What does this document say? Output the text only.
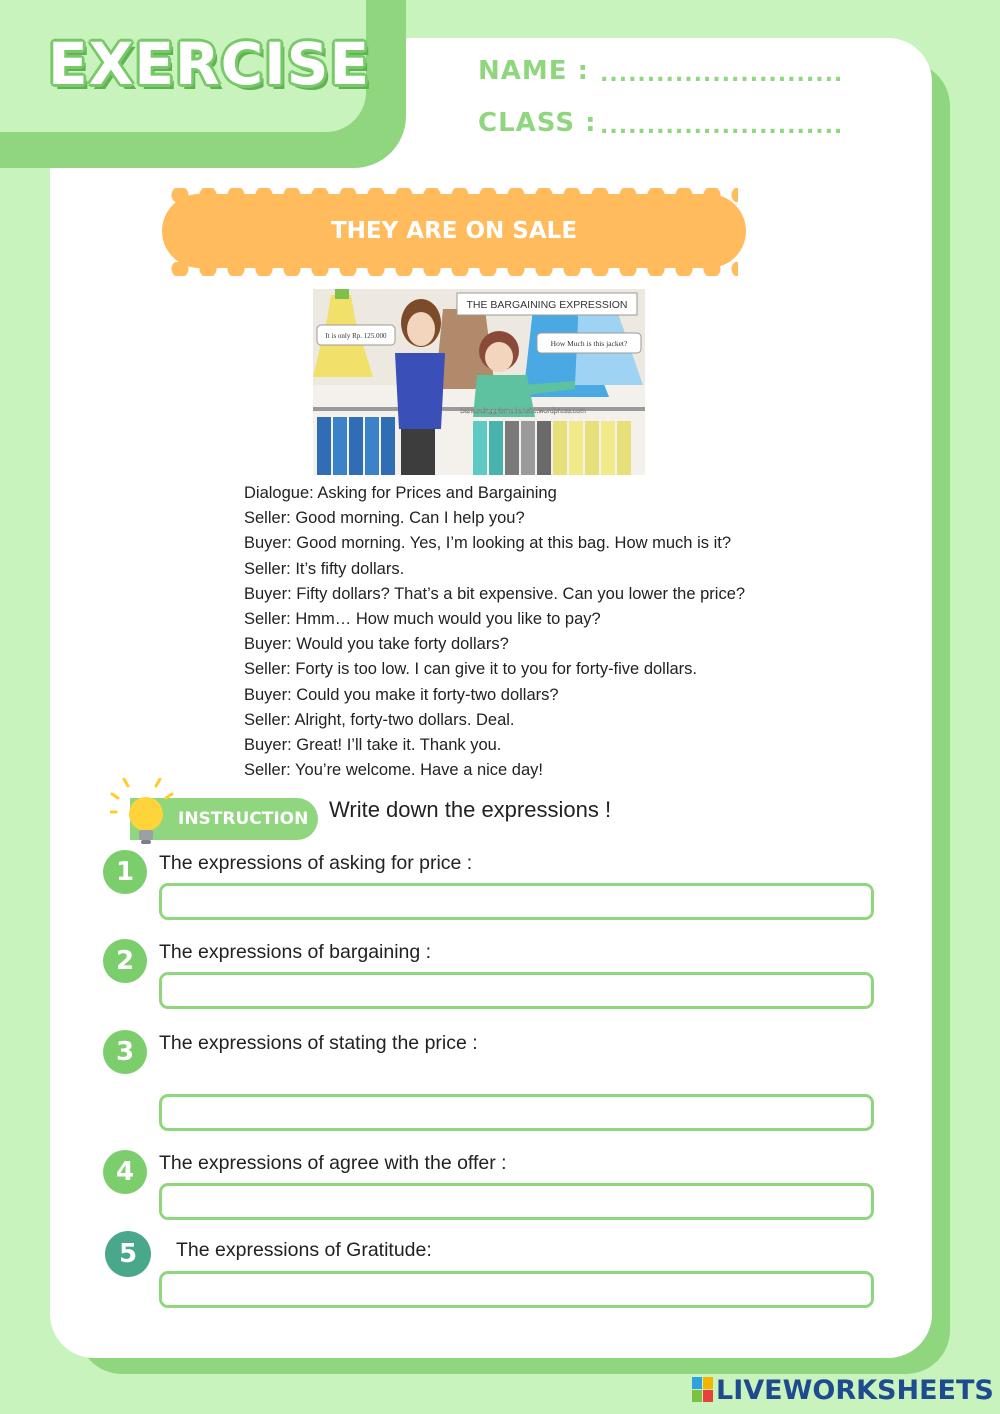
EXERCISE	NAME : ..........................
CLASS : ..........................
THEY ARE ON SALE
THE BARGAINING EXPRESSION
It is only Rp. 125.000
How Much is this jacket?
Bahasainggrismudahsite.wordpress.com
Dialogue: Asking for Prices and Bargaining
Seller: Good morning. Can I help you?
Buyer: Good morning. Yes, I’m looking at this bag. How much is it?
Seller: It’s fifty dollars.
Buyer: Fifty dollars? That’s a bit expensive. Can you lower the price?
Seller: Hmm… How much would you like to pay?
Buyer: Would you take forty dollars?
Seller: Forty is too low. I can give it to you for forty-five dollars.
Buyer: Could you make it forty-two dollars?
Seller: Alright, forty-two dollars. Deal.
Buyer: Great! I’ll take it. Thank you.
Seller: You’re welcome. Have a nice day!
INSTRUCTION Write down the expressions !
1	The expressions of asking for price :
2	The expressions of bargaining :
3	The expressions of stating the price :
4	The expressions of agree with the offer :
5	The expressions of Gratitude:
LIVEWORKSHEETS
